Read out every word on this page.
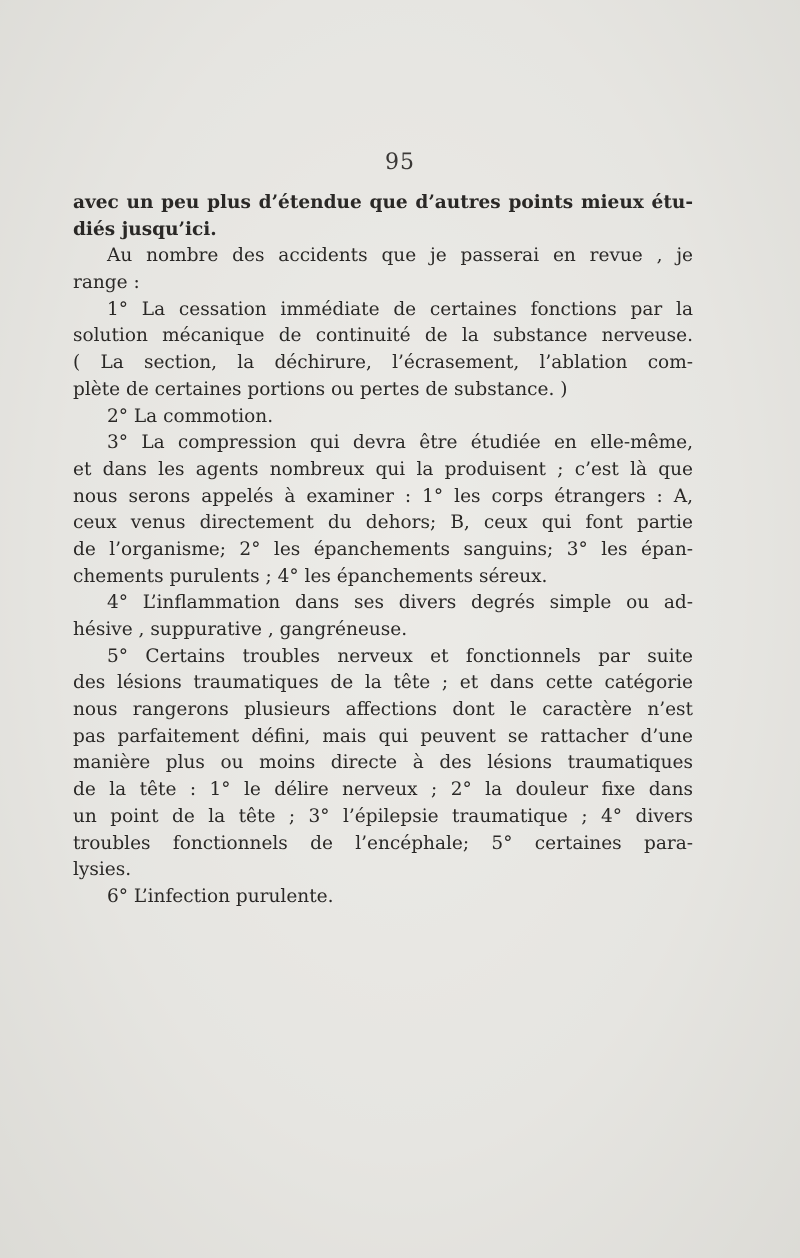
95
avec un peu plus d’étendue que d’autres points mieux étu-
diés jusqu’ici.
Au nombre des accidents que je passerai en revue , je
range :
1° La cessation immédiate de certaines fonctions par la
solution mécanique de continuité de la substance nerveuse.
( La section, la déchirure, l’écrasement, l’ablation com-
plète de certaines portions ou pertes de substance. )
2° La commotion.
3° La compression qui devra être étudiée en elle-même,
et dans les agents nombreux qui la produisent ; c’est là que
nous serons appelés à examiner : 1° les corps étrangers : A,
ceux venus directement du dehors; B, ceux qui font partie
de l’organisme; 2° les épanchements sanguins; 3° les épan-
chements purulents ; 4° les épanchements séreux.
4° L’inflammation dans ses divers degrés simple ou ad-
hésive , suppurative , gangréneuse.
5° Certains troubles nerveux et fonctionnels par suite
des lésions traumatiques de la tête ; et dans cette catégorie
nous rangerons plusieurs affections dont le caractère n’est
pas parfaitement défini, mais qui peuvent se rattacher d’une
manière plus ou moins directe à des lésions traumatiques
de la tête : 1° le délire nerveux ; 2° la douleur fixe dans
un point de la tête ; 3° l’épilepsie traumatique ; 4° divers
troubles fonctionnels de l’encéphale; 5° certaines para-
lysies.
6° L’infection purulente.
